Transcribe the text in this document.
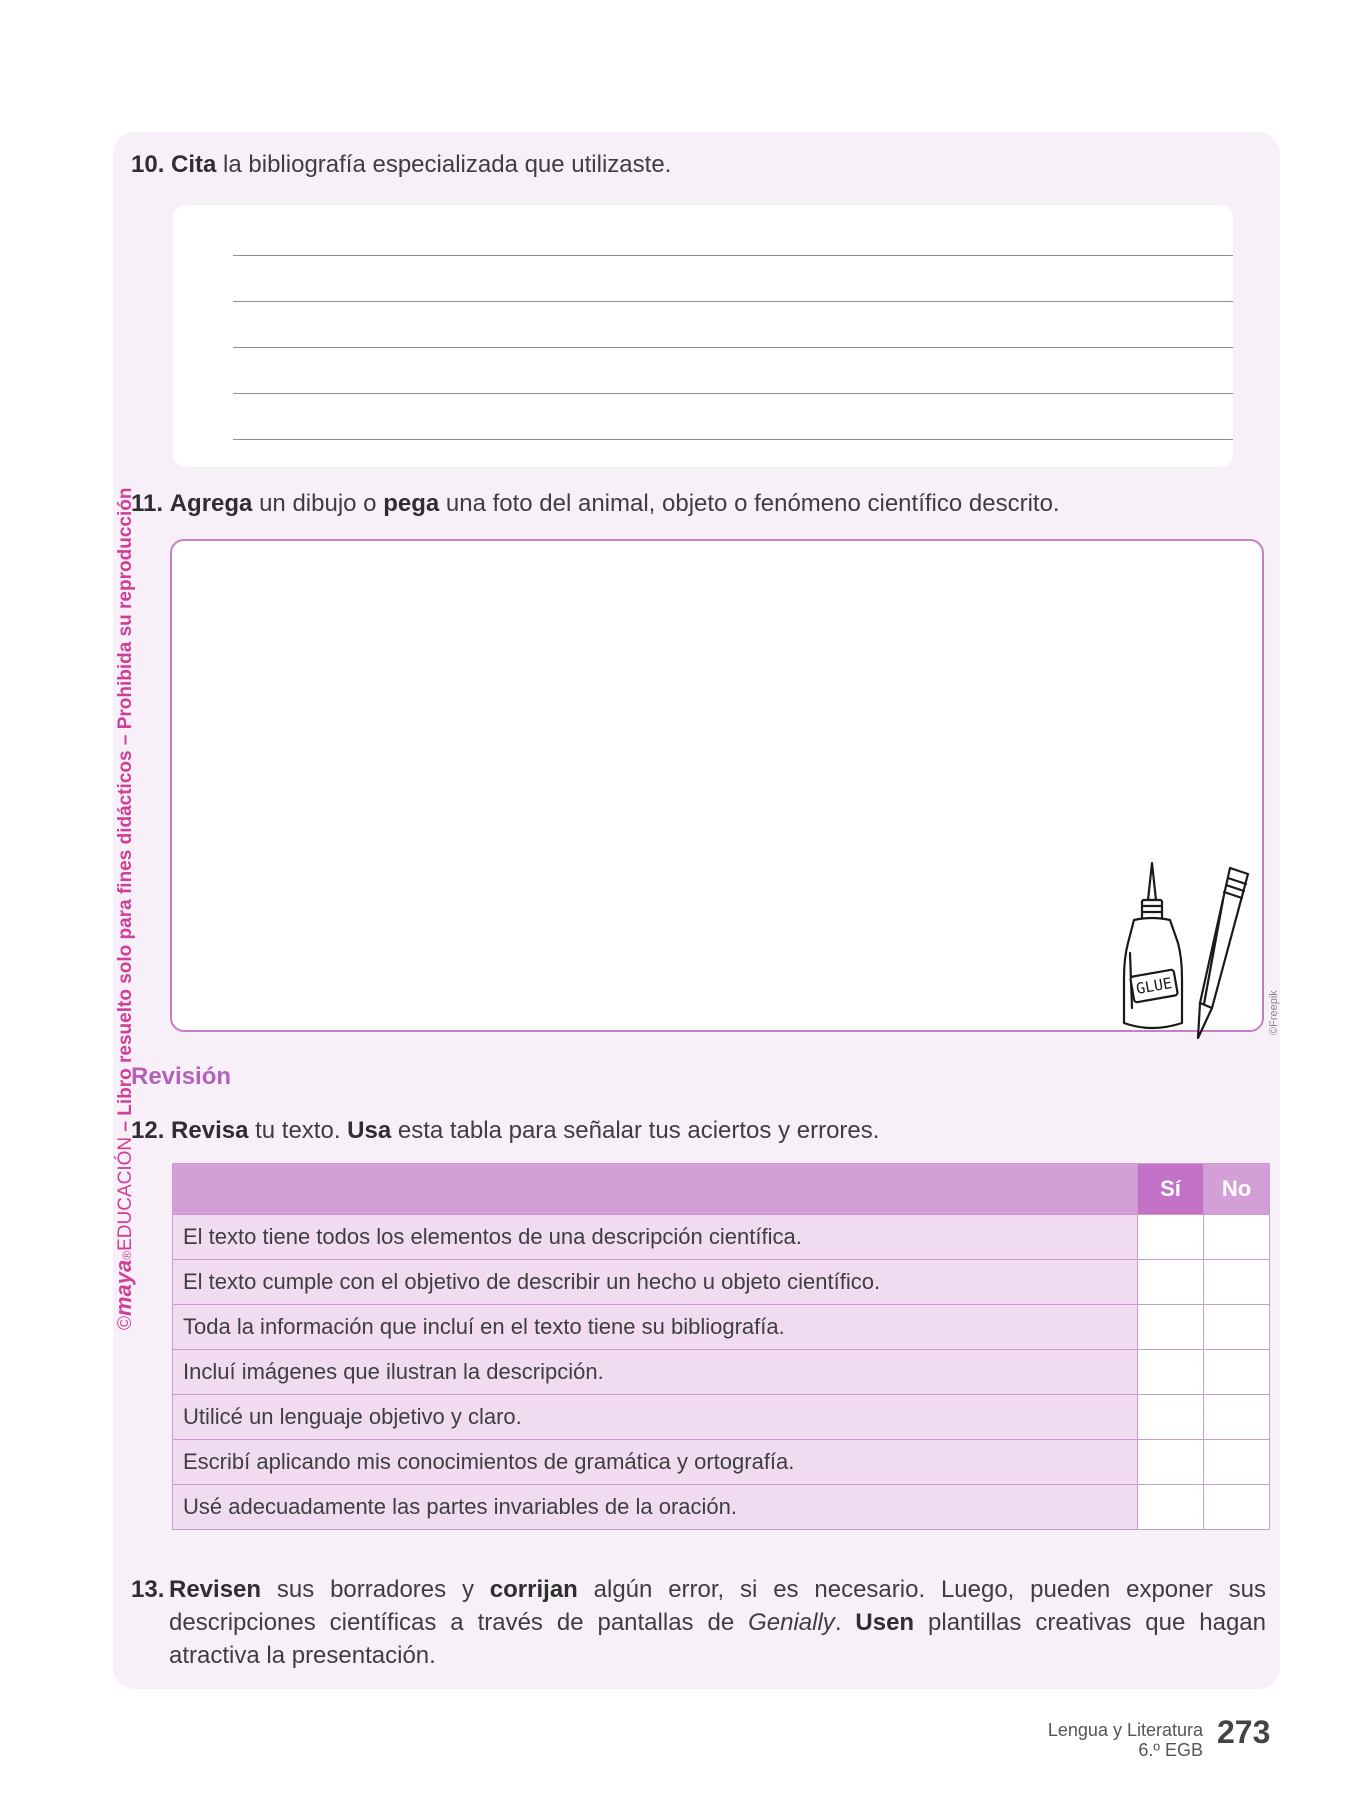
10. Cita la bibliografía especializada que utilizaste.
11. Agrega un dibujo o pega una foto del animal, objeto o fenómeno científico descrito.
GLUE
©Freepik
Revisión
12. Revisa tu texto. Usa esta tabla para señalar tus aciertos y errores.
	Sí	No
El texto tiene todos los elementos de una descripción científica.		
El texto cumple con el objetivo de describir un hecho u objeto científico.		
Toda la información que incluí en el texto tiene su bibliografía.		
Incluí imágenes que ilustran la descripción.		
Utilicé un lenguaje objetivo y claro.		
Escribí aplicando mis conocimientos de gramática y ortografía.		
Usé adecuadamente las partes invariables de la oración.		
13. Revisen sus borradores y corrijan algún error, si es necesario. Luego, pueden exponer sus descripciones científicas a través de pantallas de Genially. Usen plantillas creativas que hagan atractiva la presentación.
©maya®EDUCACIÓN – Libro resuelto solo para fines didácticos – Prohibida su reproducción
Lengua y Literatura
6.º EGB 273
